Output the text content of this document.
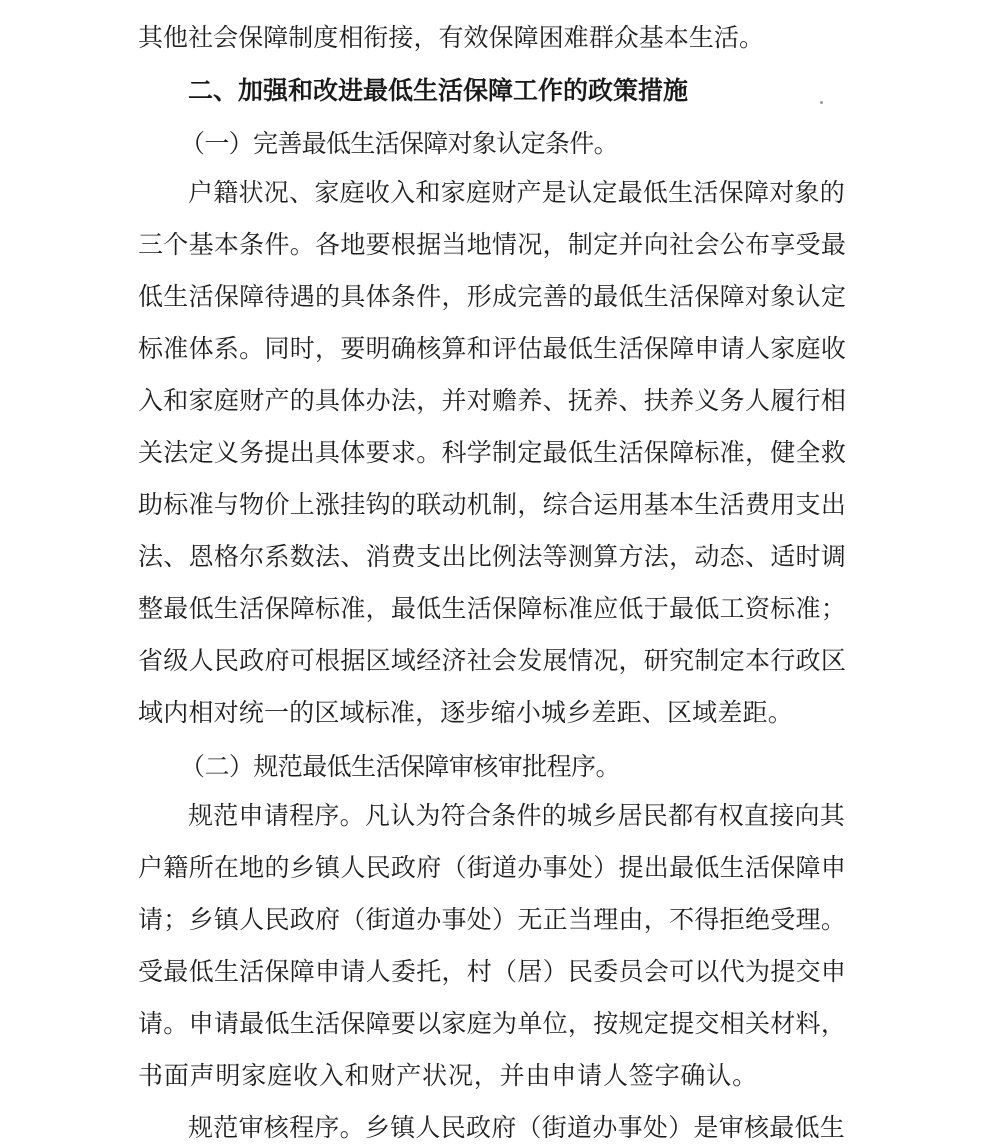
其他社会保障制度相衔接，有效保障困难群众基本生活。
二、加强和改进最低生活保障工作的政策措施
（一）完善最低生活保障对象认定条件。
户籍状况、家庭收入和家庭财产是认定最低生活保障对象的
三个基本条件。各地要根据当地情况，制定并向社会公布享受最
低生活保障待遇的具体条件，形成完善的最低生活保障对象认定
标准体系。同时，要明确核算和评估最低生活保障申请人家庭收
入和家庭财产的具体办法，并对赡养、抚养、扶养义务人履行相
关法定义务提出具体要求。科学制定最低生活保障标准，健全救
助标准与物价上涨挂钩的联动机制，综合运用基本生活费用支出
法、恩格尔系数法、消费支出比例法等测算方法，动态、适时调
整最低生活保障标准，最低生活保障标准应低于最低工资标准；
省级人民政府可根据区域经济社会发展情况，研究制定本行政区
域内相对统一的区域标准，逐步缩小城乡差距、区域差距。
（二）规范最低生活保障审核审批程序。
规范申请程序。凡认为符合条件的城乡居民都有权直接向其
户籍所在地的乡镇人民政府（街道办事处）提出最低生活保障申
请；乡镇人民政府（街道办事处）无正当理由，不得拒绝受理。
受最低生活保障申请人委托，村（居）民委员会可以代为提交申
请。申请最低生活保障要以家庭为单位，按规定提交相关材料，
书面声明家庭收入和财产状况，并由申请人签字确认。
规范审核程序。乡镇人民政府（街道办事处）是审核最低生
